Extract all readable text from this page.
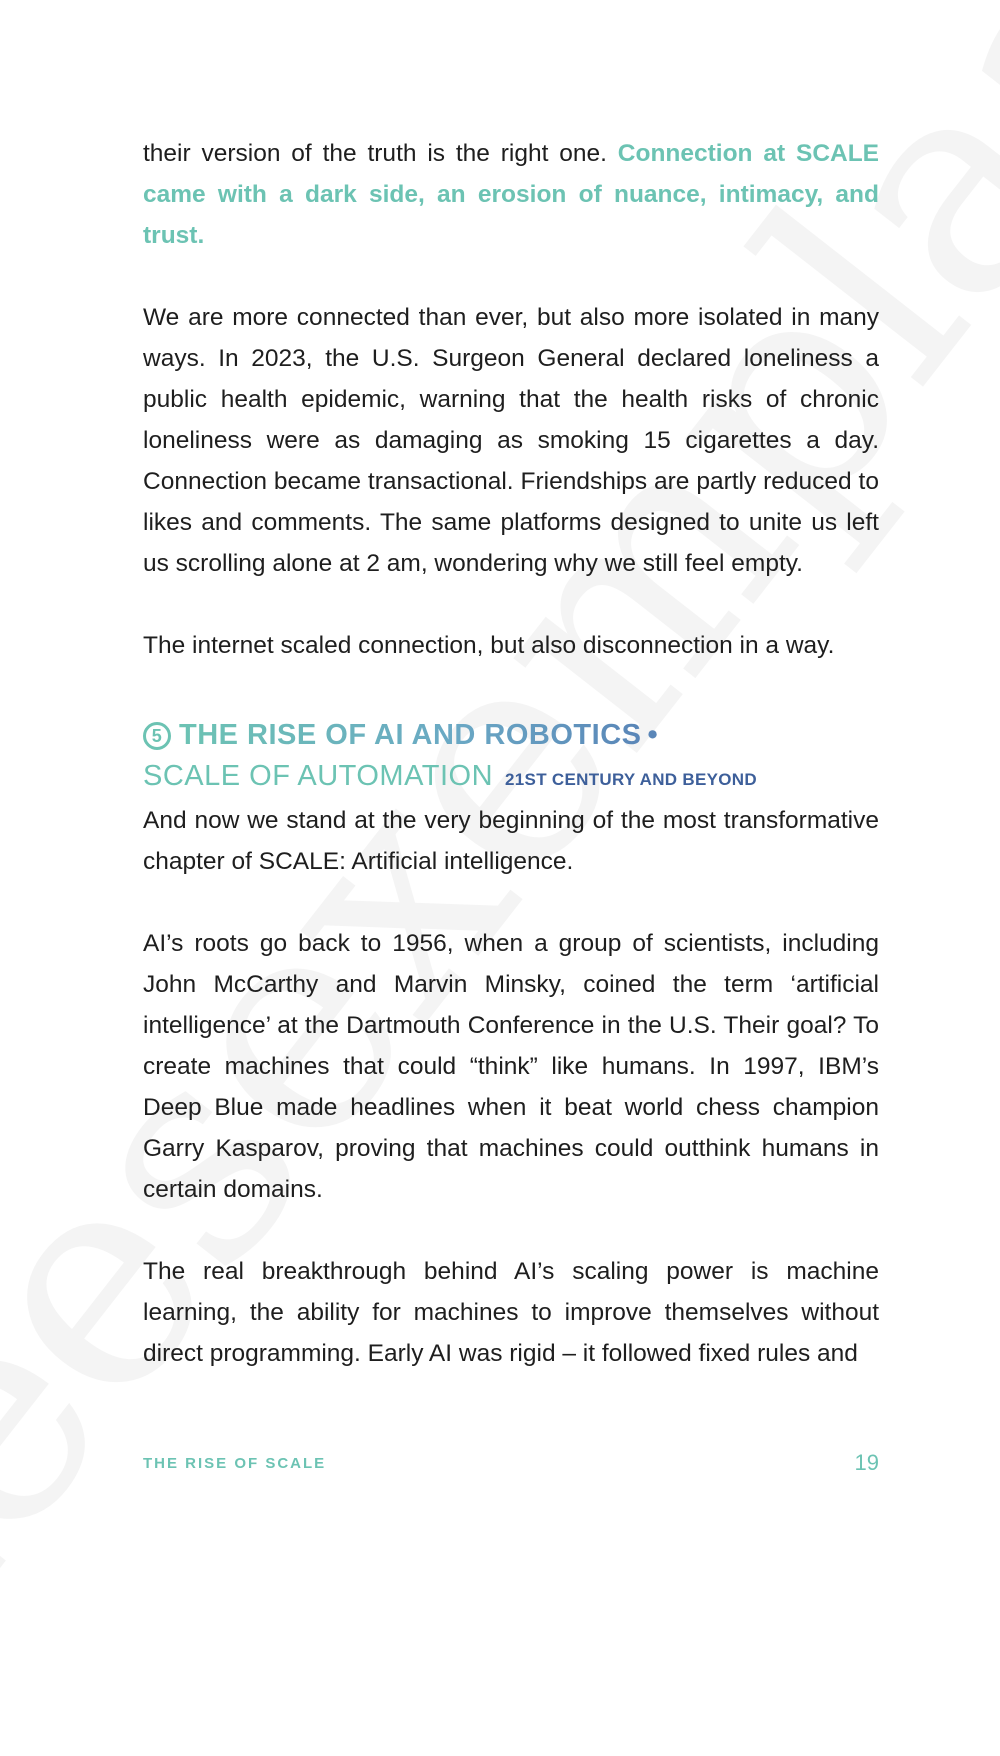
their version of the truth is the right one. Connection at SCALE came with a dark side, an erosion of nuance, intimacy, and trust.

We are more connected than ever, but also more isolated in many ways. In 2023, the U.S. Surgeon General declared loneliness a public health epidemic, warning that the health risks of chronic loneliness were as damaging as smoking 15 cigarettes a day. Connection became transactional. Friendships are partly reduced to likes and comments. The same platforms designed to unite us left us scrolling alone at 2 am, wondering why we still feel empty.

The internet scaled connection, but also disconnection in a way.

5 THE RISE OF AI AND ROBOTICS •
SCALE OF AUTOMATION 21ST CENTURY AND BEYOND

And now we stand at the very beginning of the most transformative chapter of SCALE: Artificial intelligence.

AI’s roots go back to 1956, when a group of scientists, including John McCarthy and Marvin Minsky, coined the term ‘artificial intelligence’ at the Dartmouth Conference in the U.S. Their goal? To create machines that could “think” like humans. In 1997, IBM’s Deep Blue made headlines when it beat world chess champion Garry Kasparov, proving that machines could outthink humans in certain domains.

The real breakthrough behind AI’s scaling power is machine learning, the ability for machines to improve themselves without direct programming. Early AI was rigid – it followed fixed rules and

THE RISE OF SCALE	19
